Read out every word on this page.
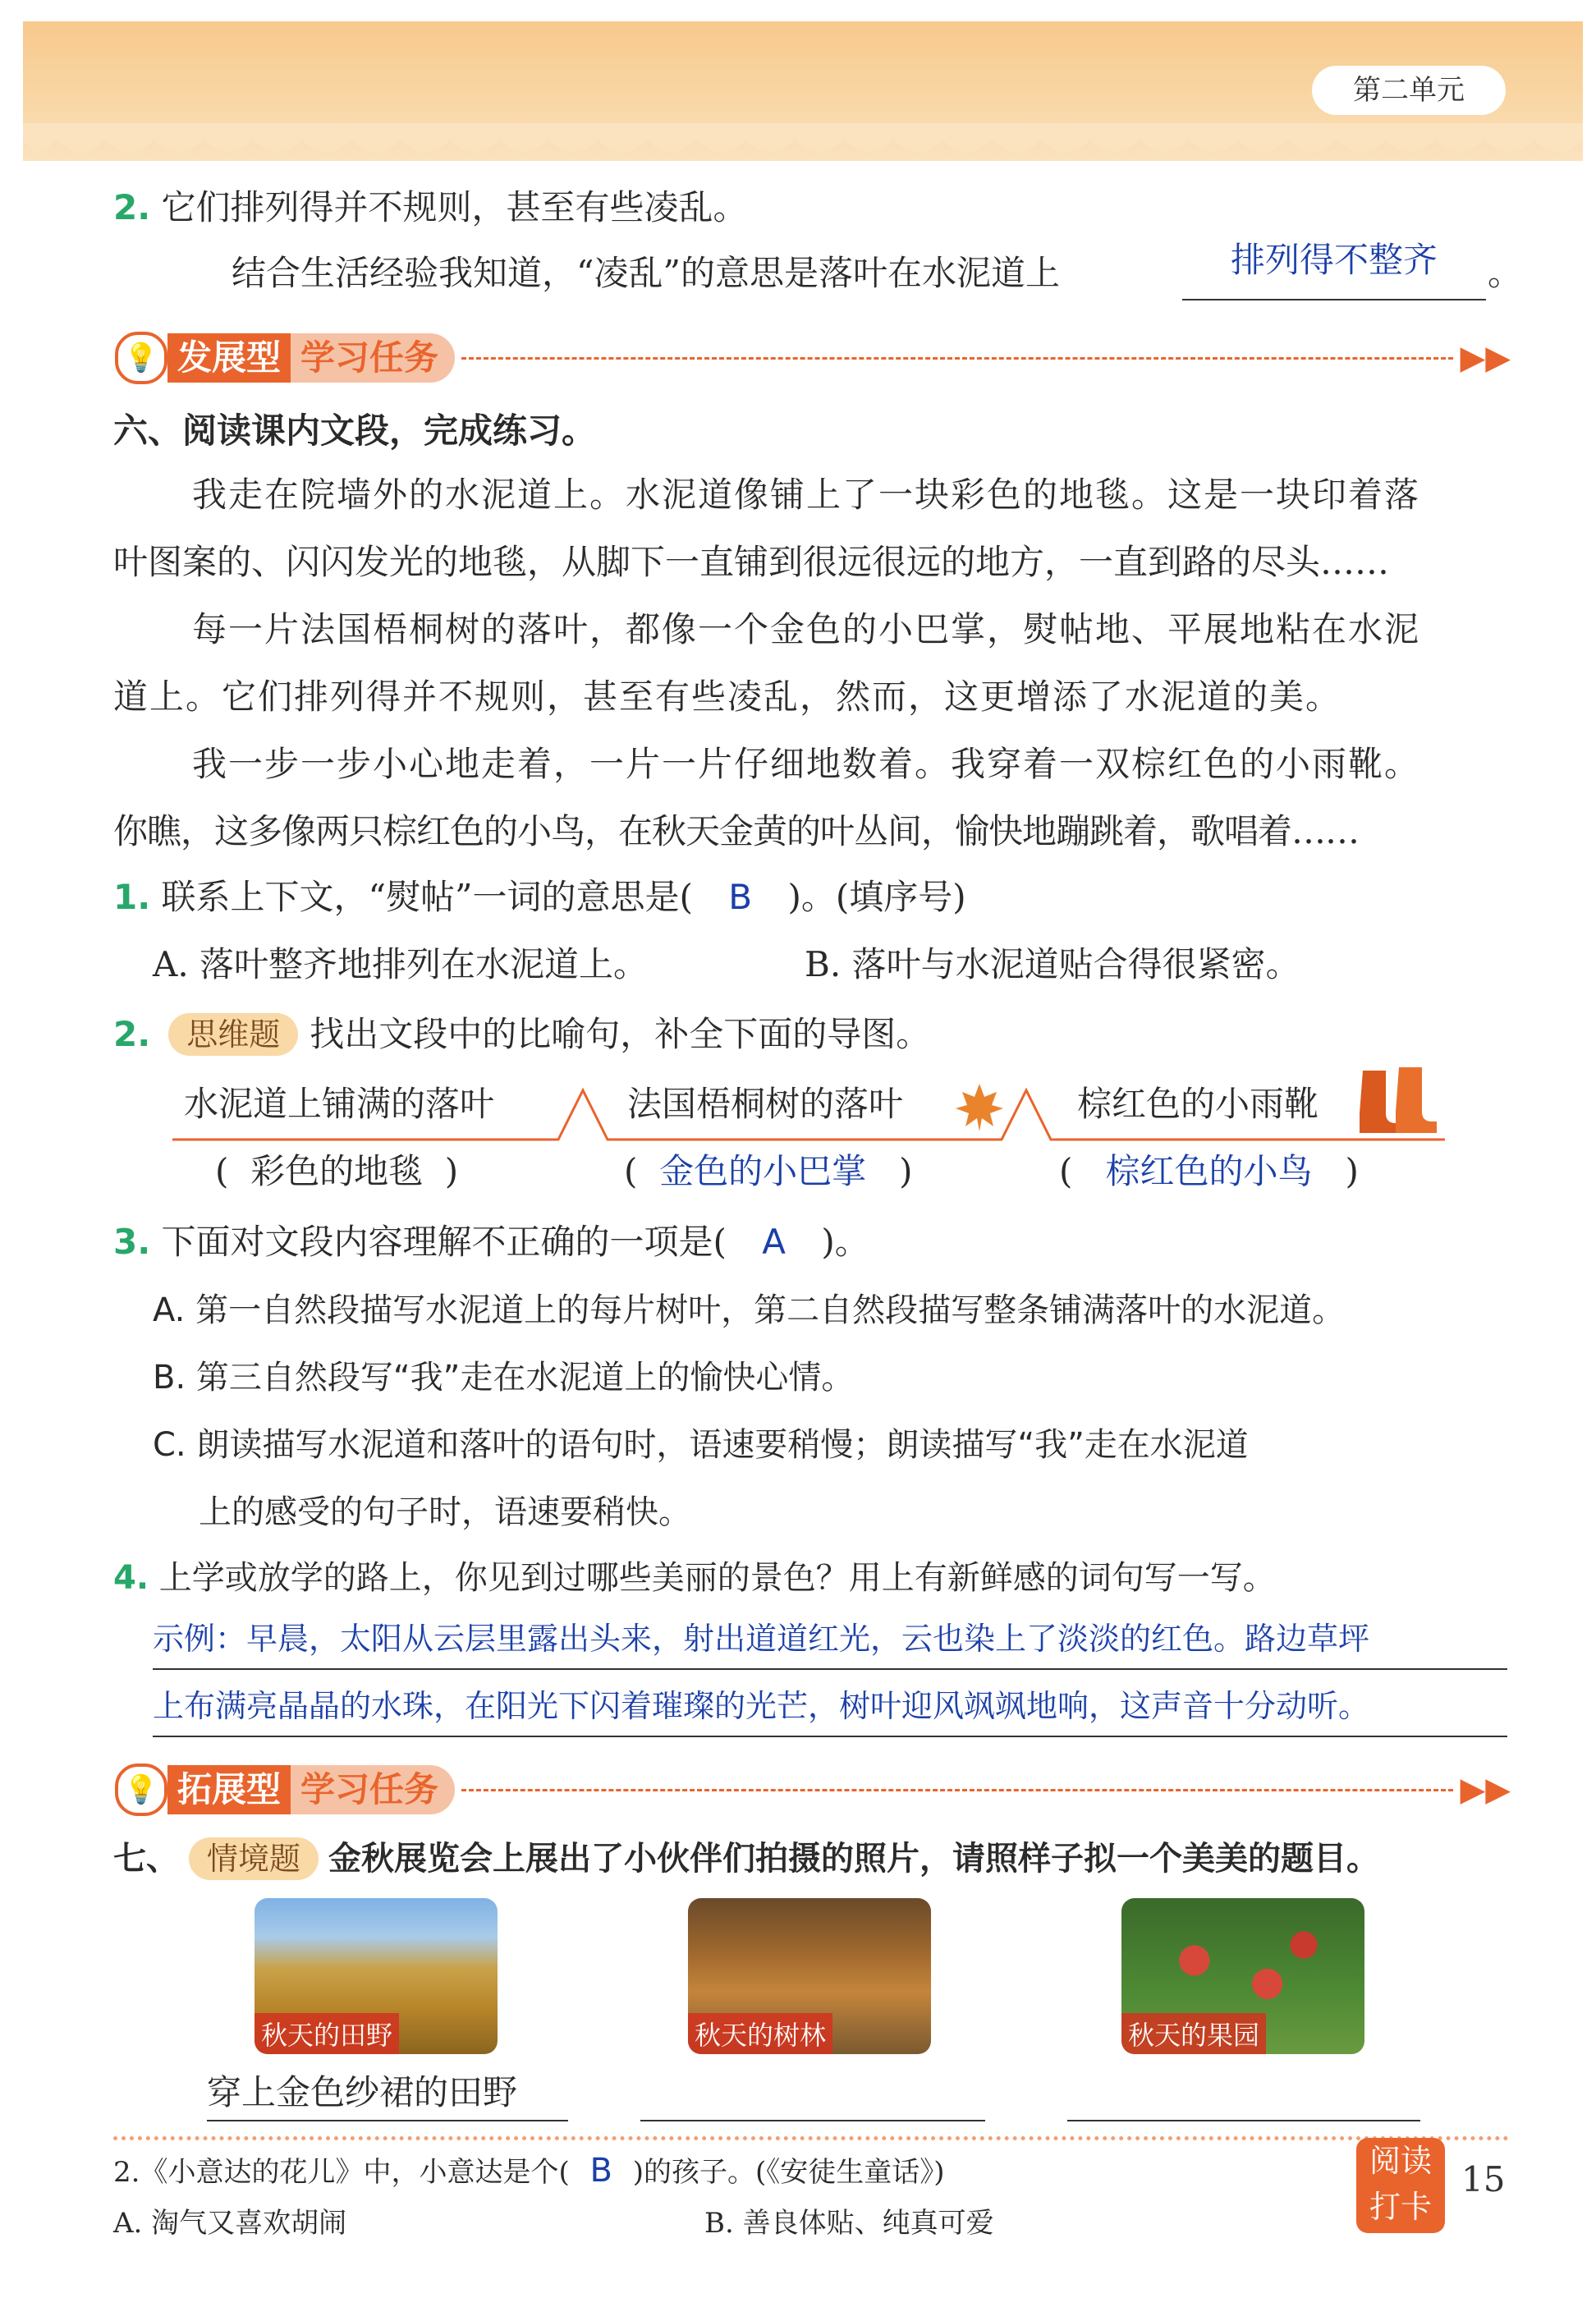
第二单元
2. 它们排列得并不规则，甚至有些凌乱。
结合生活经验我知道，“凌乱”的意思是落叶在水泥道上	排列得不整齐	。
💡 发展型 学习任务	▶▶
六、阅读课内文段，完成练习。
我走在院墙外的水泥道上。水泥道像铺上了一块彩色的地毯。这是一块印着落
叶图案的、闪闪发光的地毯，从脚下一直铺到很远很远的地方，一直到路的尽头……
每一片法国梧桐树的落叶，都像一个金色的小巴掌，熨帖地、平展地粘在水泥
道上。它们排列得并不规则，甚至有些凌乱，然而，这更增添了水泥道的美。
我一步一步小心地走着，一片一片仔细地数着。我穿着一双棕红色的小雨靴。
你瞧，这多像两只棕红色的小鸟，在秋天金黄的叶丛间，愉快地蹦跳着，歌唱着……
1. 联系上下文，“熨帖”一词的意思是( B )。(填序号)
A. 落叶整齐地排列在水泥道上。	B. 落叶与水泥道贴合得很紧密。
2.	思维题 找出文段中的比喻句，补全下面的导图。
水泥道上铺满的落叶	法国梧桐树的落叶	棕红色的小雨靴
(  彩色的地毯  )	(  金色的小巴掌   )	(   棕红色的小鸟   )
3. 下面对文段内容理解不正确的一项是( A )。
A. 第一自然段描写水泥道上的每片树叶，第二自然段描写整条铺满落叶的水泥道。
B. 第三自然段写“我”走在水泥道上的愉快心情。
C. 朗读描写水泥道和落叶的语句时，语速要稍慢；朗读描写“我”走在水泥道
上的感受的句子时，语速要稍快。
4. 上学或放学的路上，你见到过哪些美丽的景色？用上有新鲜感的词句写一写。
示例：早晨，太阳从云层里露出头来，射出道道红光，云也染上了淡淡的红色。路边草坪
上布满亮晶晶的水珠，在阳光下闪着璀璨的光芒，树叶迎风飒飒地响，这声音十分动听。
💡 拓展型 学习任务	▶▶
七、 情境题 金秋展览会上展出了小伙伴们拍摄的照片，请照样子拟一个美美的题目。
秋天的田野	秋天的树林	秋天的果园
穿上金色纱裙的田野
2.《小意达的花儿》中，小意达是个( B )的孩子。(《安徒生童话》)
A. 淘气又喜欢胡闹	B. 善良体贴、纯真可爱
阅读
打卡
15
